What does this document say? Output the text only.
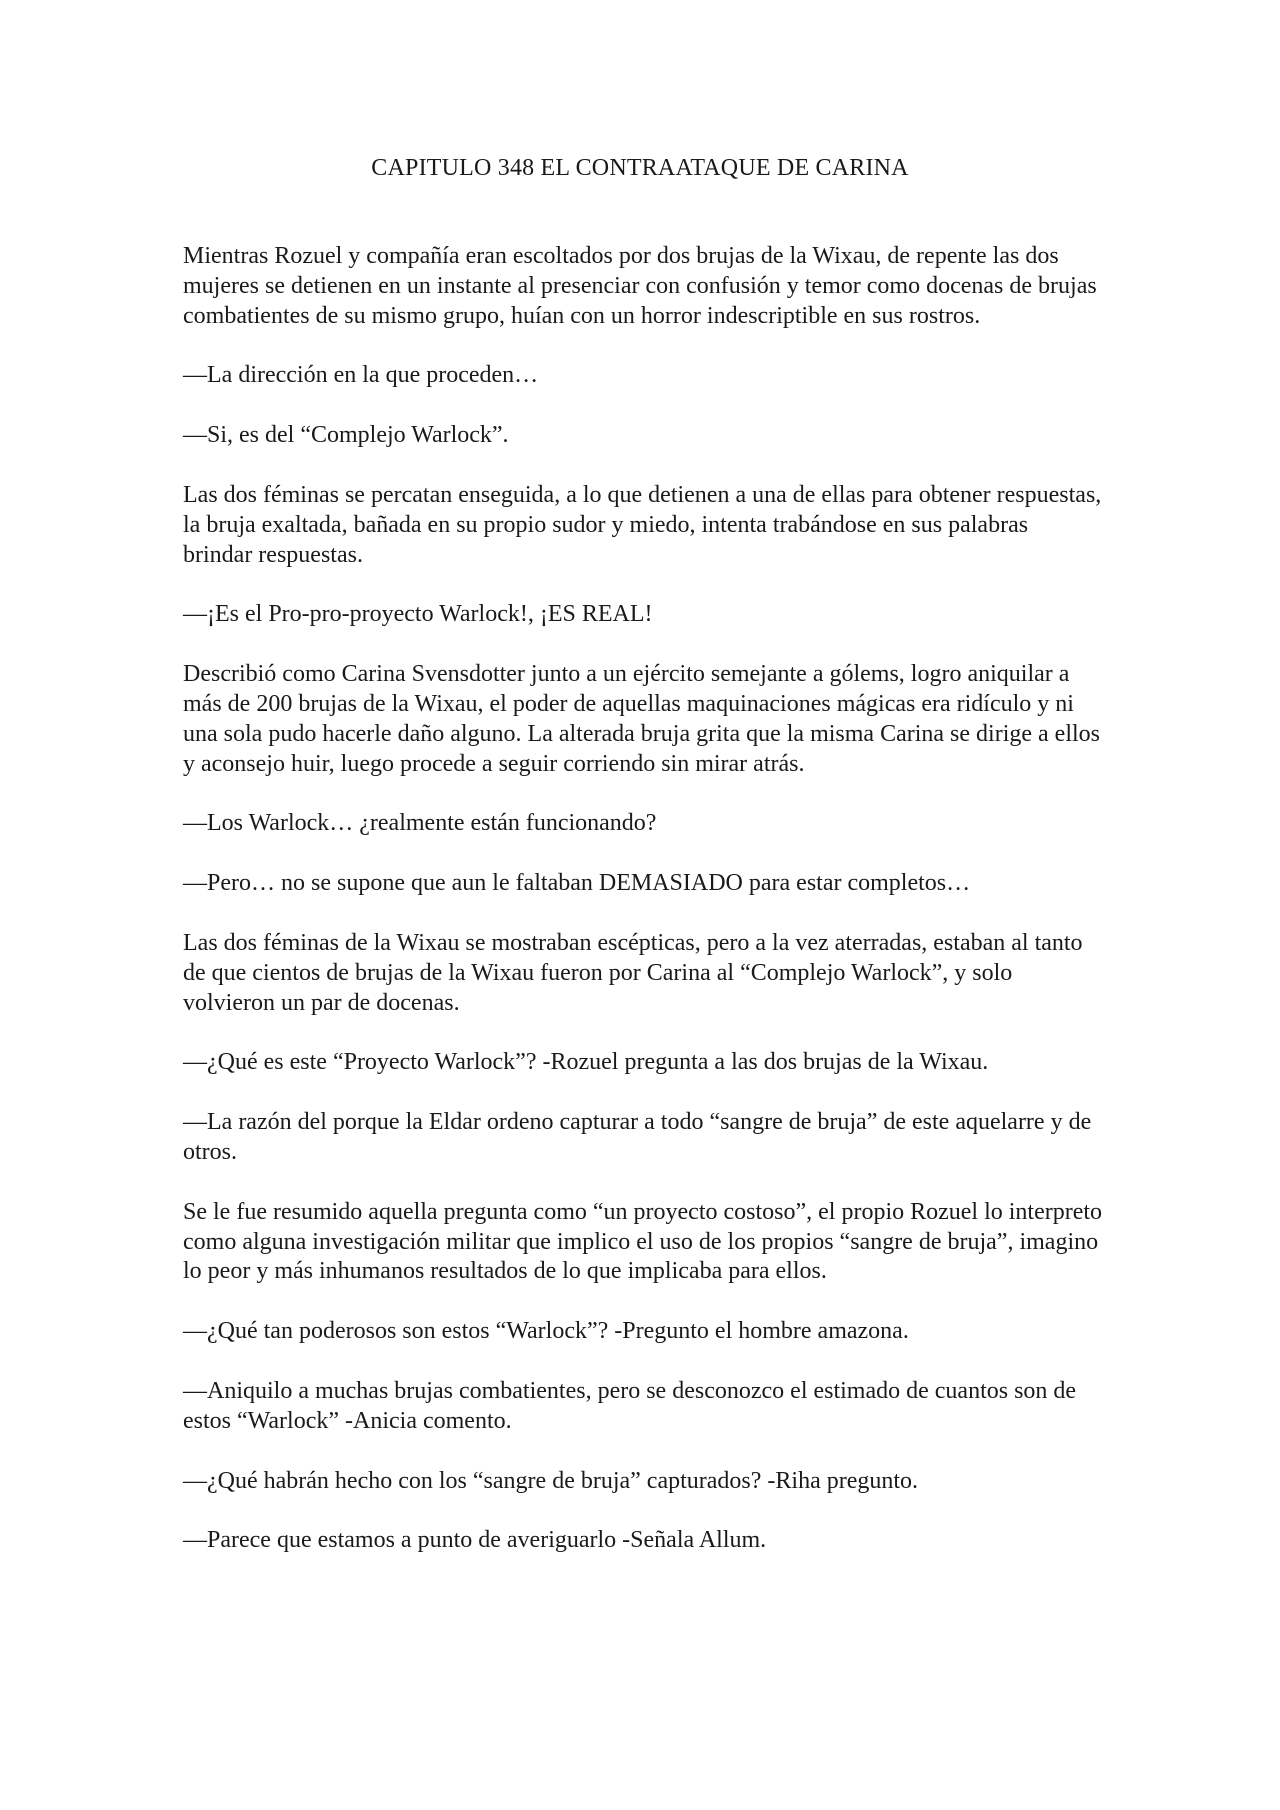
CAPITULO 348 EL CONTRAATAQUE DE CARINA

Mientras Rozuel y compañía eran escoltados por dos brujas de la Wixau, de repente las dos mujeres se detienen en un instante al presenciar con confusión y temor como docenas de brujas combatientes de su mismo grupo, huían con un horror indescriptible en sus rostros.

—La dirección en la que proceden…

—Si, es del “Complejo Warlock”.

Las dos féminas se percatan enseguida, a lo que detienen a una de ellas para obtener respuestas, la bruja exaltada, bañada en su propio sudor y miedo, intenta trabándose en sus palabras brindar respuestas.

—¡Es el Pro-pro-proyecto Warlock!, ¡ES REAL!

Describió como Carina Svensdotter junto a un ejército semejante a gólems, logro aniquilar a más de 200 brujas de la Wixau, el poder de aquellas maquinaciones mágicas era ridículo y ni una sola pudo hacerle daño alguno. La alterada bruja grita que la misma Carina se dirige a ellos y aconsejo huir, luego procede a seguir corriendo sin mirar atrás.

—Los Warlock… ¿realmente están funcionando?

—Pero… no se supone que aun le faltaban DEMASIADO para estar completos…

Las dos féminas de la Wixau se mostraban escépticas, pero a la vez aterradas, estaban al tanto de que cientos de brujas de la Wixau fueron por Carina al “Complejo Warlock”, y solo volvieron un par de docenas.

—¿Qué es este “Proyecto Warlock”? -Rozuel pregunta a las dos brujas de la Wixau.

—La razón del porque la Eldar ordeno capturar a todo “sangre de bruja” de este aquelarre y de otros.

Se le fue resumido aquella pregunta como “un proyecto costoso”, el propio Rozuel lo interpreto como alguna investigación militar que implico el uso de los propios “sangre de bruja”, imagino lo peor y más inhumanos resultados de lo que implicaba para ellos.

—¿Qué tan poderosos son estos “Warlock”? -Pregunto el hombre amazona.

—Aniquilo a muchas brujas combatientes, pero se desconozco el estimado de cuantos son de estos “Warlock” -Anicia comento.

—¿Qué habrán hecho con los “sangre de bruja” capturados? -Riha pregunto.

—Parece que estamos a punto de averiguarlo -Señala Allum.
